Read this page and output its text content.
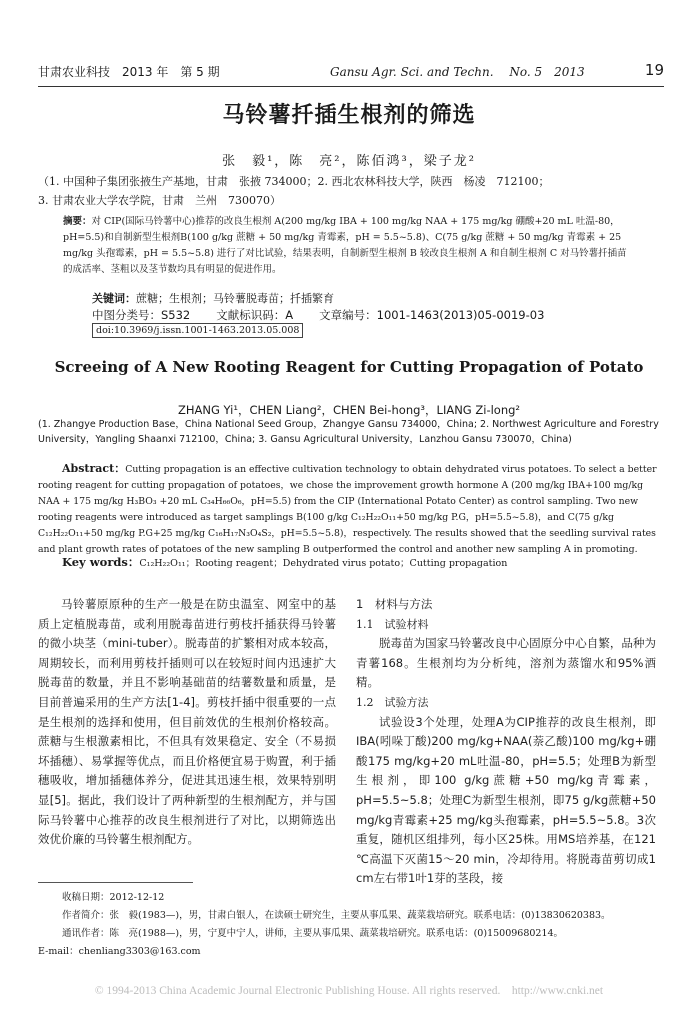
甘肃农业科技　2013 年　第 5 期	Gansu Agr. Sci. and Techn.　 No. 5　2013	19
马铃薯扦插生根剂的筛选
张　毅¹，陈　亮²，陈佰鸿³，梁子龙²
（1. 中国种子集团张掖生产基地，甘肃　张掖 734000；2. 西北农林科技大学，陕西　杨凌　712100；
3. 甘肃农业大学农学院，甘肃　兰州　730070）
摘要：对 CIP(国际马铃薯中心)推荐的改良生根剂 A(200 mg/kg IBA + 100 mg/kg NAA + 175 mg/kg 硼酸+20 mL 吐温-80，pH=5.5)和自制新型生根剂B(100 g/kg 蔗糖 + 50 mg/kg 青霉素，pH = 5.5~5.8)、C(75 g/kg 蔗糖 + 50 mg/kg 青霉素 + 25 mg/kg 头孢霉素，pH = 5.5~5.8) 进行了对比试验，结果表明，自制新型生根剂 B 较改良生根剂 A 和自制生根剂 C 对马铃薯扦插苗的成活率、茎粗以及茎节数均具有明显的促进作用。
关键词：蔗糖；生根剂；马铃薯脱毒苗；扦插繁育
中图分类号：S532 文献标识码：A 文章编号：1001-1463(2013)05-0019-03
doi:10.3969/j.issn.1001-1463.2013.05.008
Screeing of A New Rooting Reagent for Cutting Propagation of Potato
ZHANG Yi¹，CHEN Liang²，CHEN Bei-hong³，LIANG Zi-long²
(1. Zhangye Production Base，China National Seed Group，Zhangye Gansu 734000，China; 2. Northwest Agriculture and Forestry University，Yangling Shaanxi 712100，China; 3. Gansu Agricultural University，Lanzhou Gansu 730070，China)
Abstract：Cutting propagation is an effective cultivation technology to obtain dehydrated virus potatoes. To select a better rooting reagent for cutting propagation of potatoes，we chose the improvement growth hormone A (200 mg/kg IBA+100 mg/kg NAA + 175 mg/kg H₃BO₃ +20 mL C₃₄H₆₆O₆，pH=5.5) from the CIP (International Potato Center) as control sampling. Two new rooting reagents were introduced as target samplings B(100 g/kg C₁₂H₂₂O₁₁+50 mg/kg P.G，pH=5.5~5.8)，and C(75 g/kg C₁₂H₂₂O₁₁+50 mg/kg P.G+25 mg/kg C₁₆H₁₇N₃O₄S₂，pH=5.5~5.8)，respectively. The results showed that the seedling survival rates and plant growth rates of potatoes of the new sampling B outperformed the control and another new sampling A in promoting.
Key words：C₁₂H₂₂O₁₁；Rooting reagent；Dehydrated virus potato；Cutting propagation

马铃薯原原种的生产一般是在防虫温室、网室中的基质上定植脱毒苗，或利用脱毒苗进行剪枝扦插获得马铃薯的微小块茎（mini-tuber）。脱毒苗的扩繁相对成本较高，周期较长，而利用剪枝扦插则可以在较短时间内迅速扩大脱毒苗的数量，并且不影响基础苗的结薯数量和质量，是目前普遍采用的生产方法[1-4]。剪枝扦插中很重要的一点是生根剂的选择和使用，但目前效优的生根剂价格较高。蔗糖与生根激素相比，不但具有效果稳定、安全（不易损坏插穗）、易掌握等优点，而且价格便宜易于购置，利于插穗吸收，增加插穗体养分，促进其迅速生根，效果特别明显[5]。据此，我们设计了两种新型的生根剂配方，并与国际马铃薯中心推荐的改良生根剂进行了对比，以期筛选出效优价廉的马铃薯生根剂配方。

1　材料与方法

1.1　试验材料

脱毒苗为国家马铃薯改良中心固原分中心自繁，品种为青薯168。生根剂均为分析纯，溶剂为蒸馏水和95%酒精。

1.2　试验方法

试验设3个处理，处理A为CIP推荐的改良生根剂，即IBA(吲哚丁酸)200 mg/kg+NAA(萘乙酸)100 mg/kg+硼酸175 mg/kg+20 mL吐温-80，pH=5.5；处理B为新型生根剂，即100 g/kg蔗糖+50 mg/kg青霉素，pH=5.5~5.8；处理C为新型生根剂，即75 g/kg蔗糖+50 mg/kg青霉素+25 mg/kg头孢霉素，pH=5.5~5.8。3次重复，随机区组排列，每小区25株。用MS培养基，在121 ℃高温下灭菌15～20 min，冷却待用。将脱毒苗剪切成1 cm左右带1叶1芽的茎段，接

收稿日期：2012-12-12
作者简介：张　毅(1983—)，男，甘肃白银人，在读硕士研究生，主要从事瓜果、蔬菜栽培研究。联系电话：(0)13830620383。
通讯作者：陈　亮(1988—)，男，宁夏中宁人，讲师，主要从事瓜果、蔬菜栽培研究。联系电话：(0)15009680214。
E-mail：chenliang3303@163.com
© 1994-2013 China Academic Journal Electronic Publishing House. All rights reserved.　http://www.cnki.net
